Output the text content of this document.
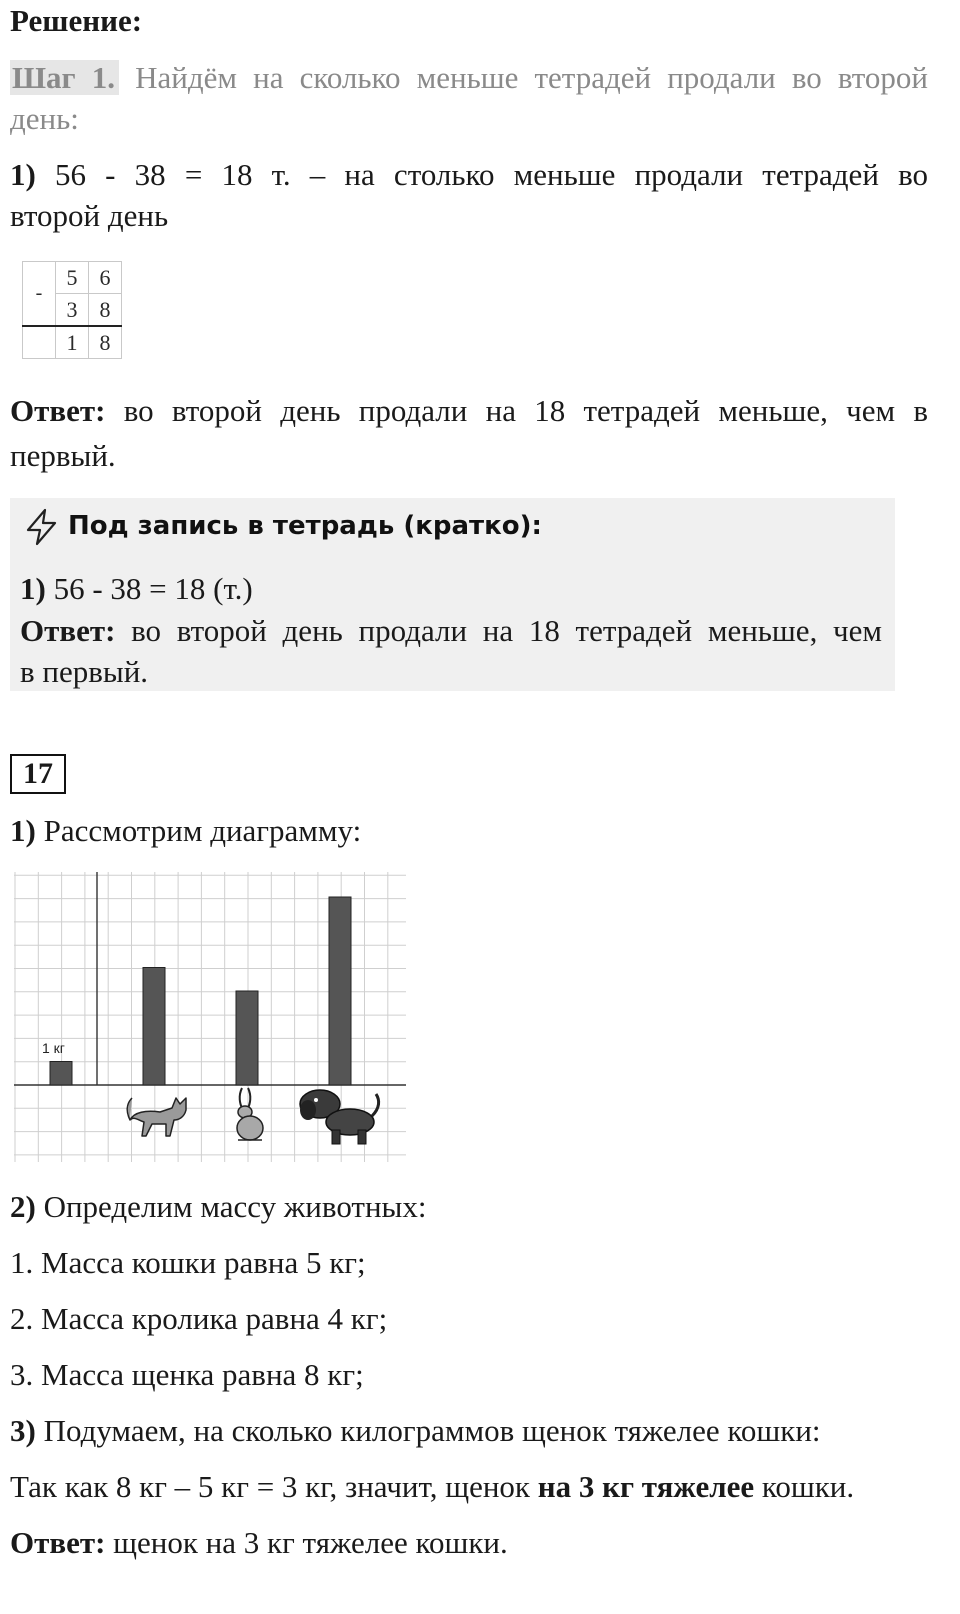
Решение:
Шаг 1. Найдём на сколько меньше тетрадей продали во второй
день:
1) 56 - 38 = 18 т. – на столько меньше продали тетрадей во
второй день
-	5	6
	3	8
	1	8
Ответ: во второй день продали на 18 тетрадей меньше, чем в
первый.
Под запись в тетрадь (кратко):
1) 56 - 38 = 18 (т.)
Ответ: во второй день продали на 18 тетрадей меньше, чем
в первый.
17
1) Рассмотрим диаграмму:
1 кг
2) Определим массу животных:
1. Масса кошки равна 5 кг;
2. Масса кролика равна 4 кг;
3. Масса щенка равна 8 кг;
3) Подумаем, на сколько килограммов щенок тяжелее кошки:
Так как 8 кг – 5 кг = 3 кг, значит, щенок на 3 кг тяжелее кошки.
Ответ: щенок на 3 кг тяжелее кошки.
